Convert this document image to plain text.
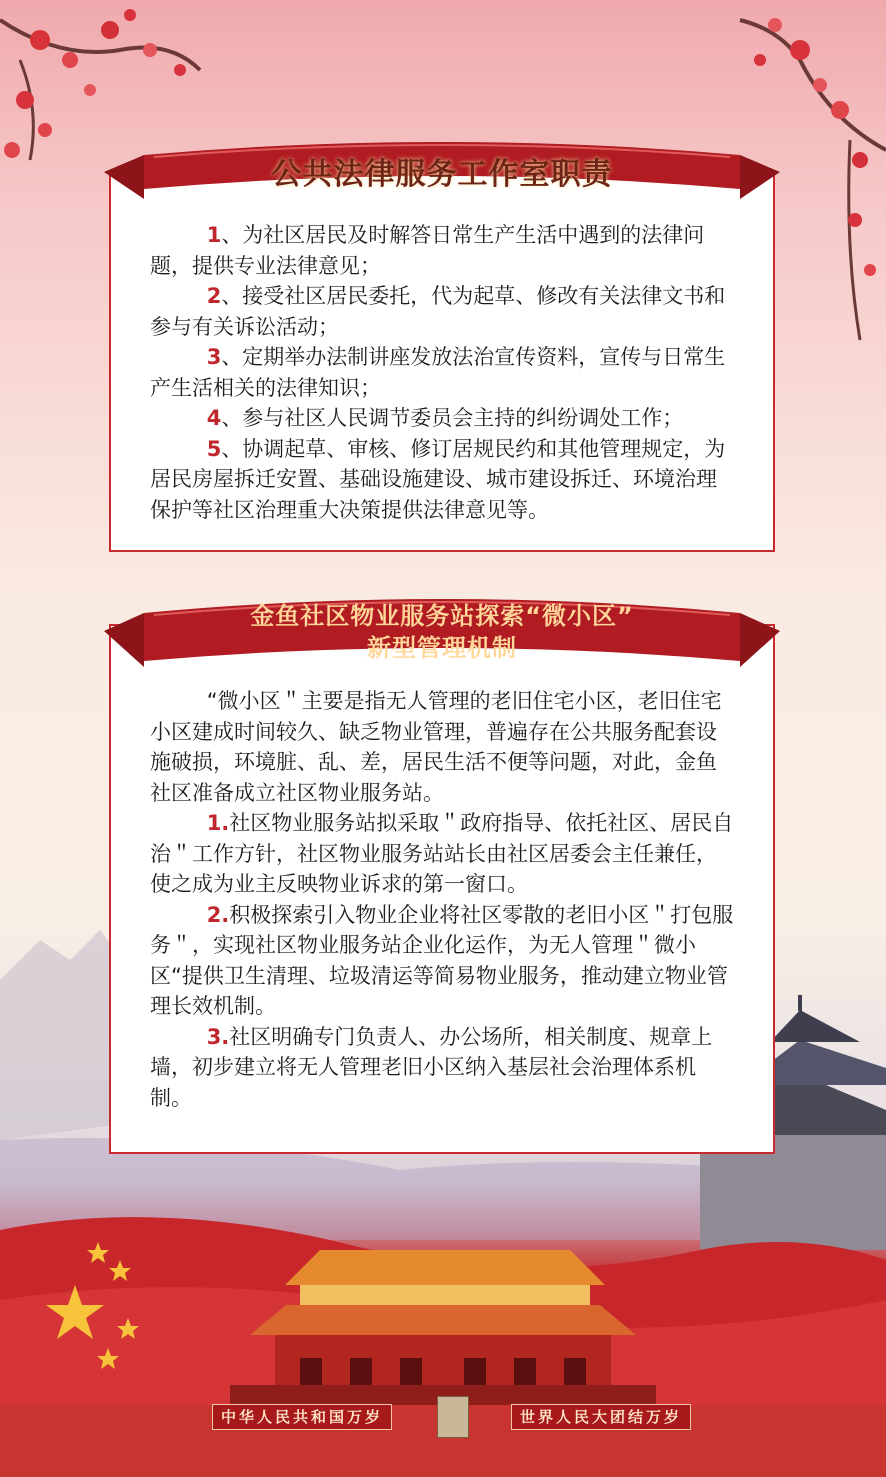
公共法律服务工作室职责

1、为社区居民及时解答日常生产生活中遇到的法律问题，提供专业法律意见；

2、接受社区居民委托，代为起草、修改有关法律文书和参与有关诉讼活动；

3、定期举办法制讲座发放法治宣传资料，宣传与日常生产生活相关的法律知识；

4、参与社区人民调节委员会主持的纠纷调处工作；

5、协调起草、审核、修订居规民约和其他管理规定，为居民房屋拆迁安置、基础设施建设、城市建设拆迁、环境治理保护等社区治理重大决策提供法律意见等。

金鱼社区物业服务站探索“微小区”
新型管理机制

“微小区＂主要是指无人管理的老旧住宅小区，老旧住宅小区建成时间较久、缺乏物业管理，普遍存在公共服务配套设施破损，环境脏、乱、差，居民生活不便等问题，对此，金鱼社区准备成立社区物业服务站。

1.社区物业服务站拟采取＂政府指导、依托社区、居民自治＂工作方针，社区物业服务站站长由社区居委会主任兼任，使之成为业主反映物业诉求的第一窗口。

2.积极探索引入物业企业将社区零散的老旧小区＂打包服务＂，实现社区物业服务站企业化运作，为无人管理＂微小区“提供卫生清理、垃圾清运等简易物业服务，推动建立物业管理长效机制。

3.社区明确专门负责人、办公场所，相关制度、规章上墙，初步建立将无人管理老旧小区纳入基层社会治理体系机制。

中华人民共和国万岁	世界人民大团结万岁
